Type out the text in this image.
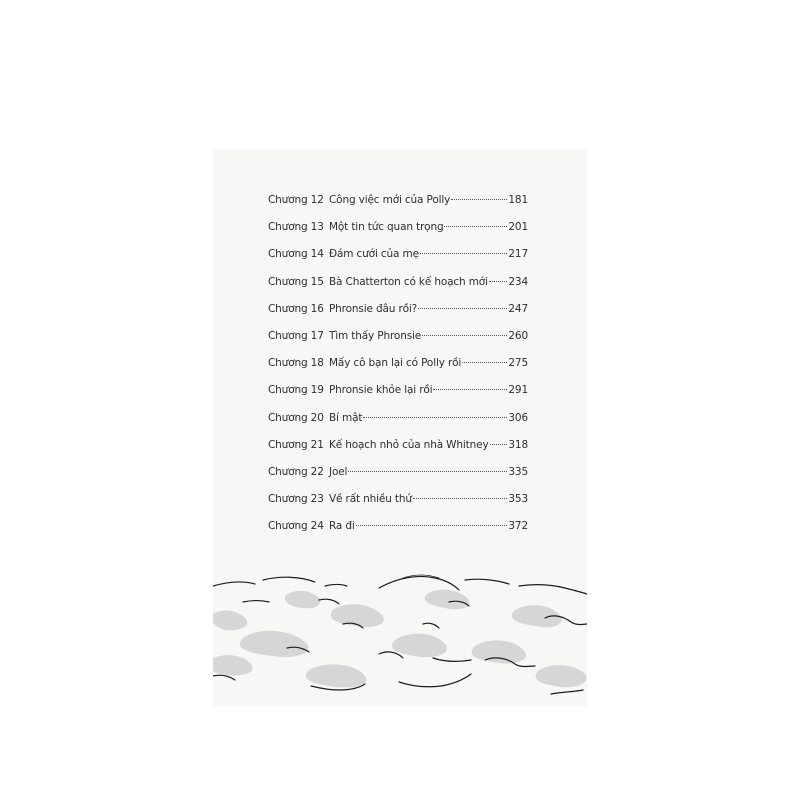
Chương 12 Công việc mới của Polly	181
Chương 13 Một tin tức quan trọng	201
Chương 14 Đám cưới của mẹ	217
Chương 15 Bà Chatterton có kế hoạch mới 234
Chương 16 Phronsie đâu rồi?	247
Chương 17 Tìm thấy Phronsie	260
Chương 18 Mấy cô bạn lại có Polly rồi	275
Chương 19 Phronsie khỏe lại rồi	291
Chương 20 Bí mật	306
Chương 21 Kế hoạch nhỏ của nhà Whitney 318
Chương 22 Joel	335
Chương 23 Về rất nhiều thứ	353
Chương 24 Ra đi	372
